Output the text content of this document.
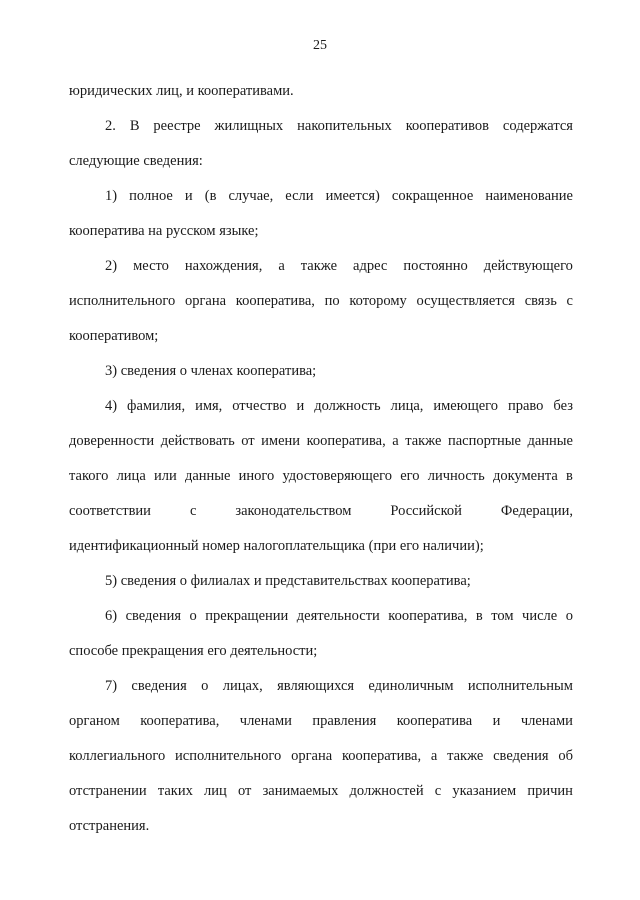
25
юридических лиц, и кооперативами.
2. В реестре жилищных накопительных кооперативов содержатся
следующие сведения:
1) полное и (в случае, если имеется) сокращенное наименование
кооператива на русском языке;
2) место нахождения, а также адрес постоянно действующего
исполнительного органа кооператива, по которому осуществляется связь с
кооперативом;
3) сведения о членах кооператива;
4) фамилия, имя, отчество и должность лица, имеющего право без
доверенности действовать от имени кооператива, а также паспортные данные
такого лица или данные иного удостоверяющего его личность документа в
соответствии	с	законодательством	Российской	Федерации,
идентификационный номер налогоплательщика (при его наличии);
5) сведения о филиалах и представительствах кооператива;
6) сведения о прекращении деятельности кооператива, в том числе о
способе прекращения его деятельности;
7) сведения о лицах, являющихся единоличным исполнительным
органом кооператива, членами правления кооператива и членами
коллегиального исполнительного органа кооператива, а также сведения об
отстранении таких лиц от занимаемых должностей с указанием причин
отстранения.
